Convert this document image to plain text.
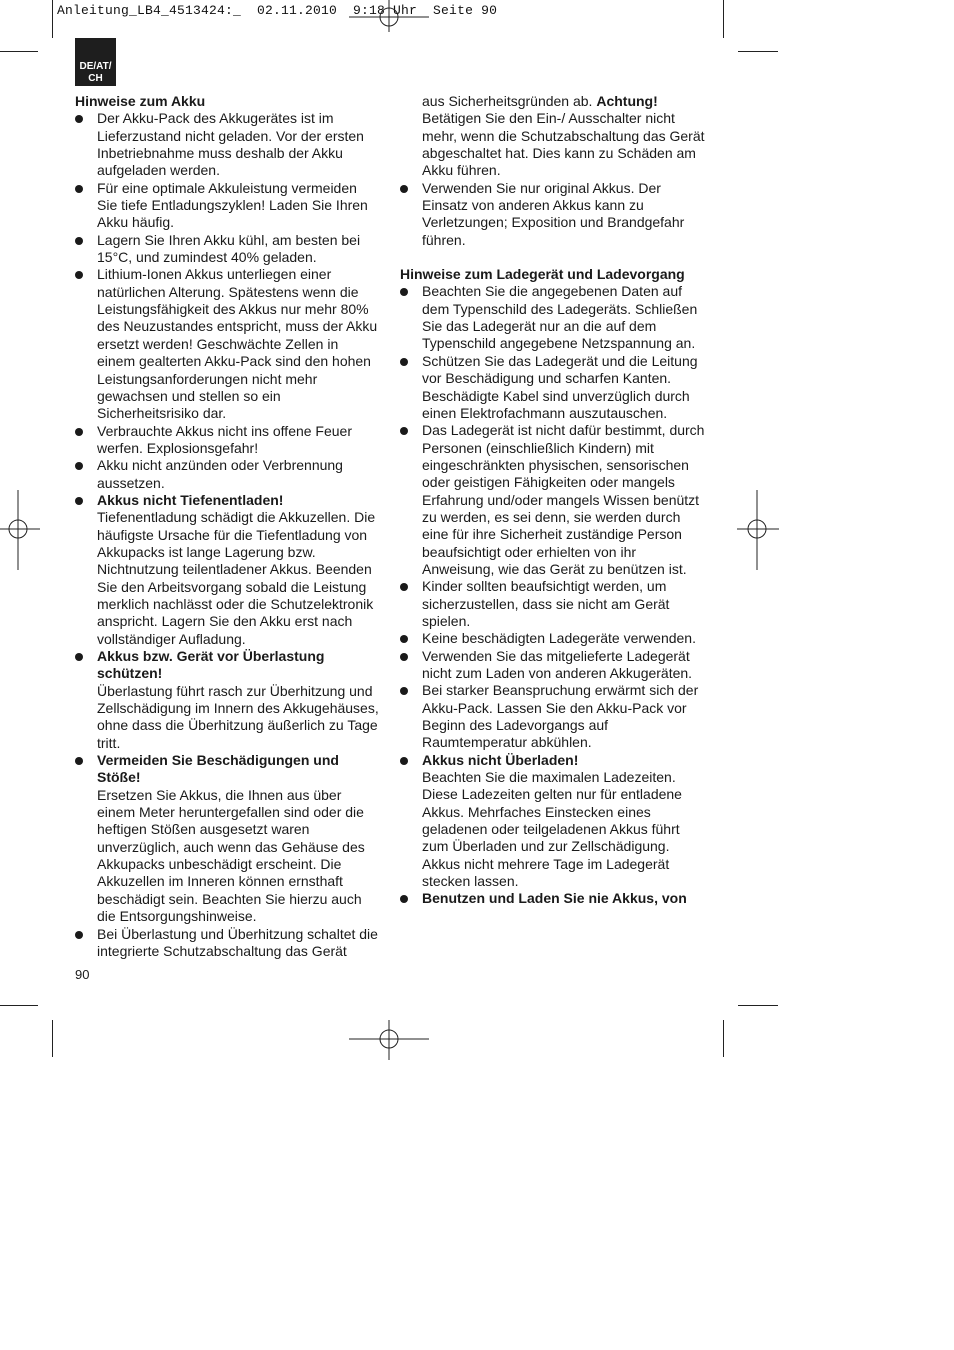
Anleitung_LB4_4513424:_  02.11.2010  9:18 Uhr  Seite 90
DE/AT/
CH
Hinweise zum Akku
Der Akku-Pack des Akkugerätes ist im Lieferzustand nicht geladen. Vor der ersten Inbetriebnahme muss deshalb der Akku aufgeladen werden.
Für eine optimale Akkuleistung vermeiden Sie tiefe Entladungszyklen! Laden Sie Ihren Akku häufig.
Lagern Sie Ihren Akku kühl, am besten bei 15°C, und zumindest 40% geladen.
Lithium-Ionen Akkus unterliegen einer natürlichen Alterung. Spätestens wenn die Leistungsfähigkeit des Akkus nur mehr 80% des Neuzustandes entspricht, muss der Akku ersetzt werden! Geschwächte Zellen in einem gealterten Akku-Pack sind den hohen Leistungsanforderungen nicht mehr gewachsen und stellen so ein Sicherheitsrisiko dar.
Verbrauchte Akkus nicht ins offene Feuer werfen. Explosionsgefahr!
Akku nicht anzünden oder Verbrennung aussetzen.
Akkus nicht Tiefenentladen!
Tiefenentladung schädigt die Akkuzellen. Die häufigste Ursache für die Tiefentladung von Akkupacks ist lange Lagerung bzw. Nichtnutzung teilentladener Akkus. Beenden Sie den Arbeitsvorgang sobald die Leistung merklich nachlässt oder die Schutzelektronik anspricht. Lagern Sie den Akku erst nach vollständiger Aufladung.
Akkus bzw. Gerät vor Überlastung schützen!
Überlastung führt rasch zur Überhitzung und Zellschädigung im Innern des Akkugehäuses, ohne dass die Überhitzung äußerlich zu Tage tritt.
Vermeiden Sie Beschädigungen und Stöße!
Ersetzen Sie Akkus, die Ihnen aus über einem Meter heruntergefallen sind oder die heftigen Stößen ausgesetzt waren unverzüglich, auch wenn das Gehäuse des Akkupacks unbeschädigt erscheint. Die Akkuzellen im Inneren können ernsthaft beschädigt sein. Beachten Sie hierzu auch die Entsorgungshinweise.
Bei Überlastung und Überhitzung schaltet die integrierte Schutzabschaltung das Gerät
aus Sicherheitsgründen ab. Achtung! Betätigen Sie den Ein-/ Ausschalter nicht mehr, wenn die Schutzabschaltung das Gerät abgeschaltet hat. Dies kann zu Schäden am Akku führen.
Verwenden Sie nur original Akkus. Der Einsatz von anderen Akkus kann zu Verletzungen; Exposition und Brandgefahr führen.
Hinweise zum Ladegerät und Ladevorgang
Beachten Sie die angegebenen Daten auf dem Typenschild des Ladegeräts. Schließen Sie das Ladegerät nur an die auf dem Typenschild angegebene Netzspannung an.
Schützen Sie das Ladegerät und die Leitung vor Beschädigung und scharfen Kanten. Beschädigte Kabel sind unverzüglich durch einen Elektrofachmann auszutauschen.
Das Ladegerät ist nicht dafür bestimmt, durch Personen (einschließlich Kindern) mit eingeschränkten physischen, sensorischen oder geistigen Fähigkeiten oder mangels Erfahrung und/oder mangels Wissen benützt zu werden, es sei denn, sie werden durch eine für ihre Sicherheit zuständige Person beaufsichtigt oder erhielten von ihr Anweisung, wie das Gerät zu benützen ist.
Kinder sollten beaufsichtigt werden, um sicherzustellen, dass sie nicht am Gerät spielen.
Keine beschädigten Ladegeräte verwenden.
Verwenden Sie das mitgelieferte Ladegerät nicht zum Laden von anderen Akkugeräten.
Bei starker Beanspruchung erwärmt sich der Akku-Pack. Lassen Sie den Akku-Pack vor Beginn des Ladevorgangs auf Raumtemperatur abkühlen.
Akkus nicht Überladen!
Beachten Sie die maximalen Ladezeiten. Diese Ladezeiten gelten nur für entladene Akkus. Mehrfaches Einstecken eines geladenen oder teilgeladenen Akkus führt zum Überladen und zur Zellschädigung. Akkus nicht mehrere Tage im Ladegerät stecken lassen.
Benutzen und Laden Sie nie Akkus, von
90
